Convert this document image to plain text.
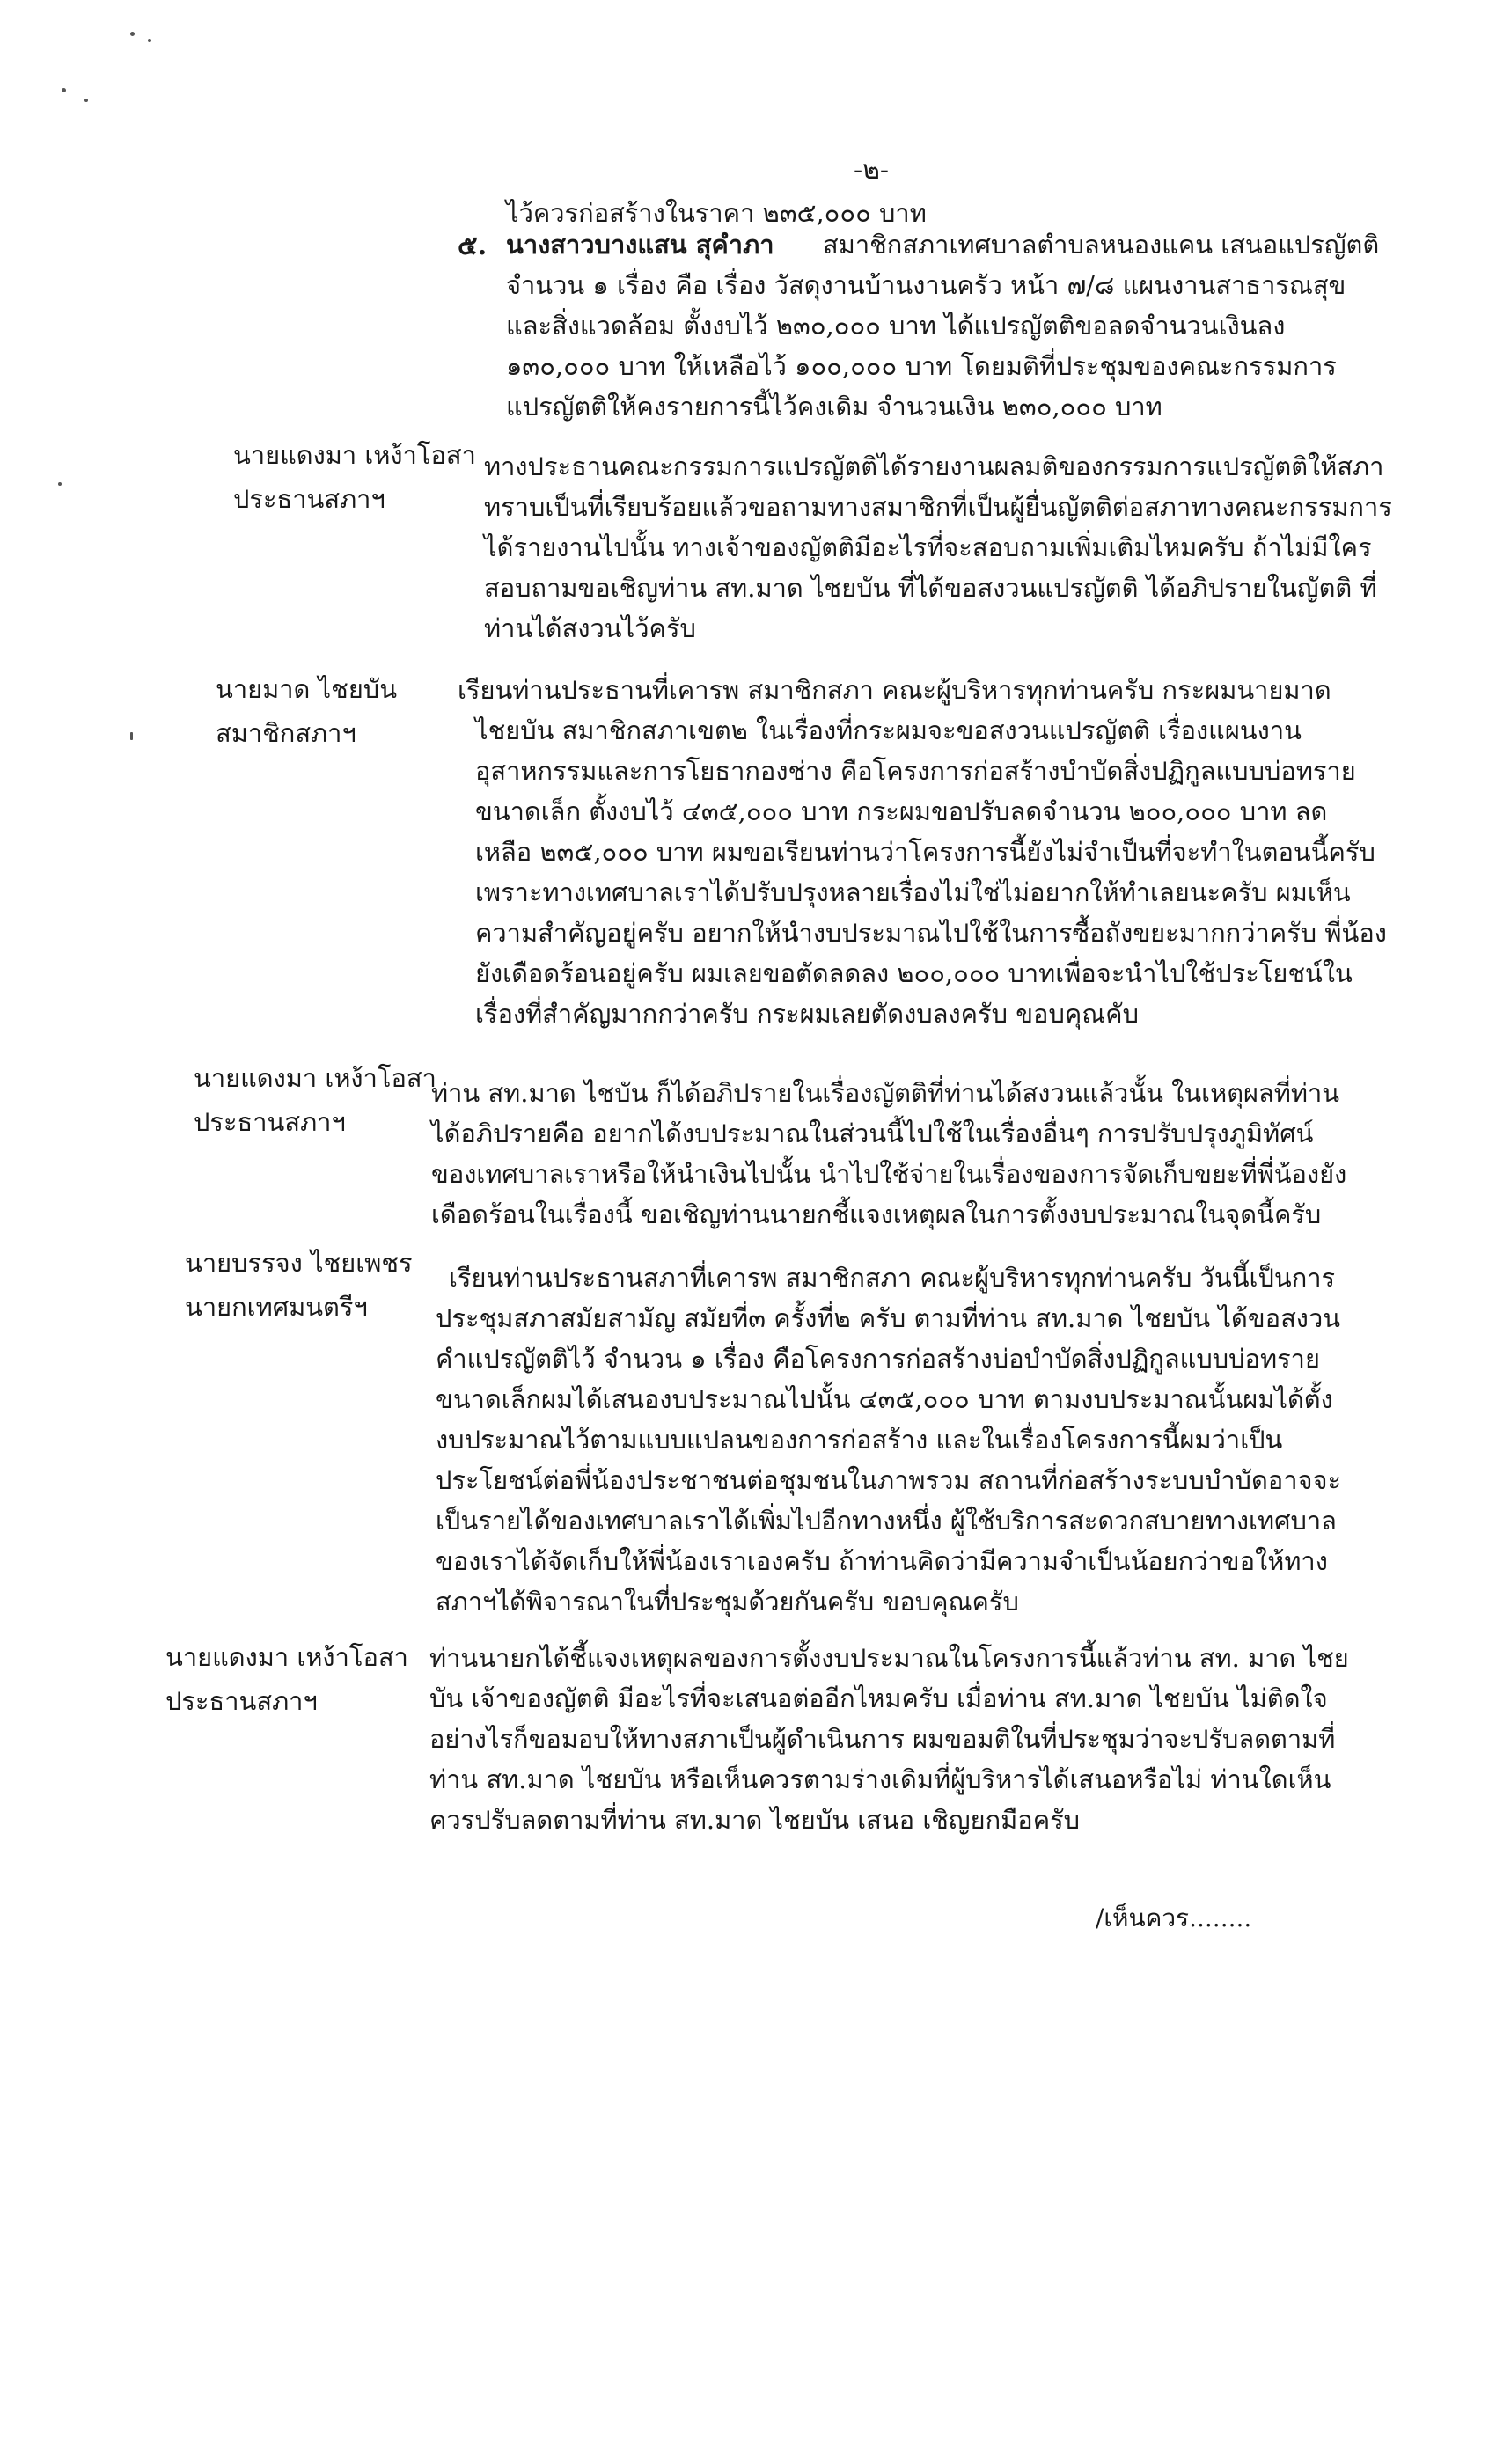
-๒-
ไว้ควรก่อสร้างในราคา ๒๓๕,๐๐๐ บาท
๕. นางสาวบางแสน สุคำภา สมาชิกสภาเทศบาลตำบลหนองแคน เสนอแปรญัตติ
จำนวน ๑ เรื่อง คือ เรื่อง วัสดุงานบ้านงานครัว หน้า ๗/๘ แผนงานสาธารณสุข
และสิ่งแวดล้อม ตั้งงบไว้ ๒๓๐,๐๐๐ บาท ได้แปรญัตติขอลดจำนวนเงินลง
๑๓๐,๐๐๐ บาท ให้เหลือไว้ ๑๐๐,๐๐๐ บาท โดยมติที่ประชุมของคณะกรรมการ
แปรญัตติให้คงรายการนี้ไว้คงเดิม จำนวนเงิน ๒๓๐,๐๐๐ บาท
นายแดงมา เหง้าโอสา
ประธานสภาฯ
ทางประธานคณะกรรมการแปรญัตติได้รายงานผลมติของกรรมการแปรญัตติให้สภา
ทราบเป็นที่เรียบร้อยแล้วขอถามทางสมาชิกที่เป็นผู้ยื่นญัตติต่อสภาทางคณะกรรมการ
ได้รายงานไปนั้น ทางเจ้าของญัตติมีอะไรที่จะสอบถามเพิ่มเติมไหมครับ ถ้าไม่มีใคร
สอบถามขอเชิญท่าน สท.มาด ไชยบัน ที่ได้ขอสงวนแปรญัตติ ได้อภิปรายในญัตติ ที่
ท่านได้สงวนไว้ครับ
นายมาด ไชยบัน
สมาชิกสภาฯ
เรียนท่านประธานที่เคารพ สมาชิกสภา คณะผู้บริหารทุกท่านครับ กระผมนายมาด
ไชยบัน สมาชิกสภาเขต๒ ในเรื่องที่กระผมจะขอสงวนแปรญัตติ เรื่องแผนงาน
อุสาหกรรมและการโยธากองช่าง คือโครงการก่อสร้างบำบัดสิ่งปฏิกูลแบบบ่อทราย
ขนาดเล็ก ตั้งงบไว้ ๔๓๕,๐๐๐ บาท กระผมขอปรับลดจำนวน ๒๐๐,๐๐๐ บาท ลด
เหลือ ๒๓๕,๐๐๐ บาท ผมขอเรียนท่านว่าโครงการนี้ยังไม่จำเป็นที่จะทำในตอนนี้ครับ
เพราะทางเทศบาลเราได้ปรับปรุงหลายเรื่องไม่ใช่ไม่อยากให้ทำเลยนะครับ ผมเห็น
ความสำคัญอยู่ครับ อยากให้นำงบประมาณไปใช้ในการซื้อถังขยะมากกว่าครับ พี่น้อง
ยังเดือดร้อนอยู่ครับ ผมเลยขอตัดลดลง ๒๐๐,๐๐๐ บาทเพื่อจะนำไปใช้ประโยชน์ใน
เรื่องที่สำคัญมากกว่าครับ กระผมเลยตัดงบลงครับ ขอบคุณคับ
นายแดงมา เหง้าโอสา
ประธานสภาฯ
ท่าน สท.มาด ไชบัน ก็ได้อภิปรายในเรื่องญัตติที่ท่านได้สงวนแล้วนั้น ในเหตุผลที่ท่าน
ได้อภิปรายคือ อยากได้งบประมาณในส่วนนี้ไปใช้ในเรื่องอื่นๆ การปรับปรุงภูมิทัศน์
ของเทศบาลเราหรือให้นำเงินไปนั้น นำไปใช้จ่ายในเรื่องของการจัดเก็บขยะที่พี่น้องยัง
เดือดร้อนในเรื่องนี้ ขอเชิญท่านนายกชี้แจงเหตุผลในการตั้งงบประมาณในจุดนี้ครับ
นายบรรจง ไชยเพชร
นายกเทศมนตรีฯ
เรียนท่านประธานสภาที่เคารพ สมาชิกสภา คณะผู้บริหารทุกท่านครับ วันนี้เป็นการ
ประชุมสภาสมัยสามัญ สมัยที่๓ ครั้งที่๒ ครับ ตามที่ท่าน สท.มาด ไชยบัน ได้ขอสงวน
คำแปรญัตติไว้ จำนวน ๑ เรื่อง คือโครงการก่อสร้างบ่อบำบัดสิ่งปฏิกูลแบบบ่อทราย
ขนาดเล็กผมได้เสนองบประมาณไปนั้น ๔๓๕,๐๐๐ บาท ตามงบประมาณนั้นผมได้ตั้ง
งบประมาณไว้ตามแบบแปลนของการก่อสร้าง และในเรื่องโครงการนี้ผมว่าเป็น
ประโยชน์ต่อพี่น้องประชาชนต่อชุมชนในภาพรวม สถานที่ก่อสร้างระบบบำบัดอาจจะ
เป็นรายได้ของเทศบาลเราได้เพิ่มไปอีกทางหนึ่ง ผู้ใช้บริการสะดวกสบายทางเทศบาล
ของเราได้จัดเก็บให้พี่น้องเราเองครับ ถ้าท่านคิดว่ามีความจำเป็นน้อยกว่าขอให้ทาง
สภาฯได้พิจารณาในที่ประชุมด้วยกันครับ ขอบคุณครับ
นายแดงมา เหง้าโอสา
ประธานสภาฯ
ท่านนายกได้ชี้แจงเหตุผลของการตั้งงบประมาณในโครงการนี้แล้วท่าน สท. มาด ไชย
บัน เจ้าของญัตติ มีอะไรที่จะเสนอต่ออีกไหมครับ เมื่อท่าน สท.มาด ไชยบัน ไม่ติดใจ
อย่างไรก็ขอมอบให้ทางสภาเป็นผู้ดำเนินการ ผมขอมติในที่ประชุมว่าจะปรับลดตามที่
ท่าน สท.มาด ไชยบัน หรือเห็นควรตามร่างเดิมที่ผู้บริหารได้เสนอหรือไม่ ท่านใดเห็น
ควรปรับลดตามที่ท่าน สท.มาด ไชยบัน เสนอ เชิญยกมือครับ
/เห็นควร........
